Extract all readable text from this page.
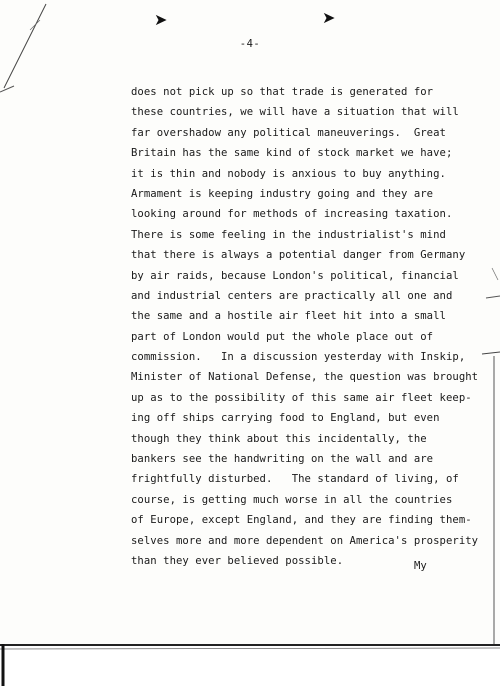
➤	➤
-4-
does not pick up so that trade is generated for
these countries, we will have a situation that will
far overshadow any political maneuverings.  Great
Britain has the same kind of stock market we have;
it is thin and nobody is anxious to buy anything.
Armament is keeping industry going and they are
looking around for methods of increasing taxation.
There is some feeling in the industrialist's mind
that there is always a potential danger from Germany
by air raids, because London's political, financial
and industrial centers are practically all one and
the same and a hostile air fleet hit into a small
part of London would put the whole place out of
commission.   In a discussion yesterday with Inskip,
Minister of National Defense, the question was brought
up as to the possibility of this same air fleet keep-
ing off ships carrying food to England, but even
though they think about this incidentally, the
bankers see the handwriting on the wall and are
frightfully disturbed.   The standard of living, of
course, is getting much worse in all the countries
of Europe, except England, and they are finding them-
selves more and more dependent on America's prosperity
than they ever believed possible.	My
